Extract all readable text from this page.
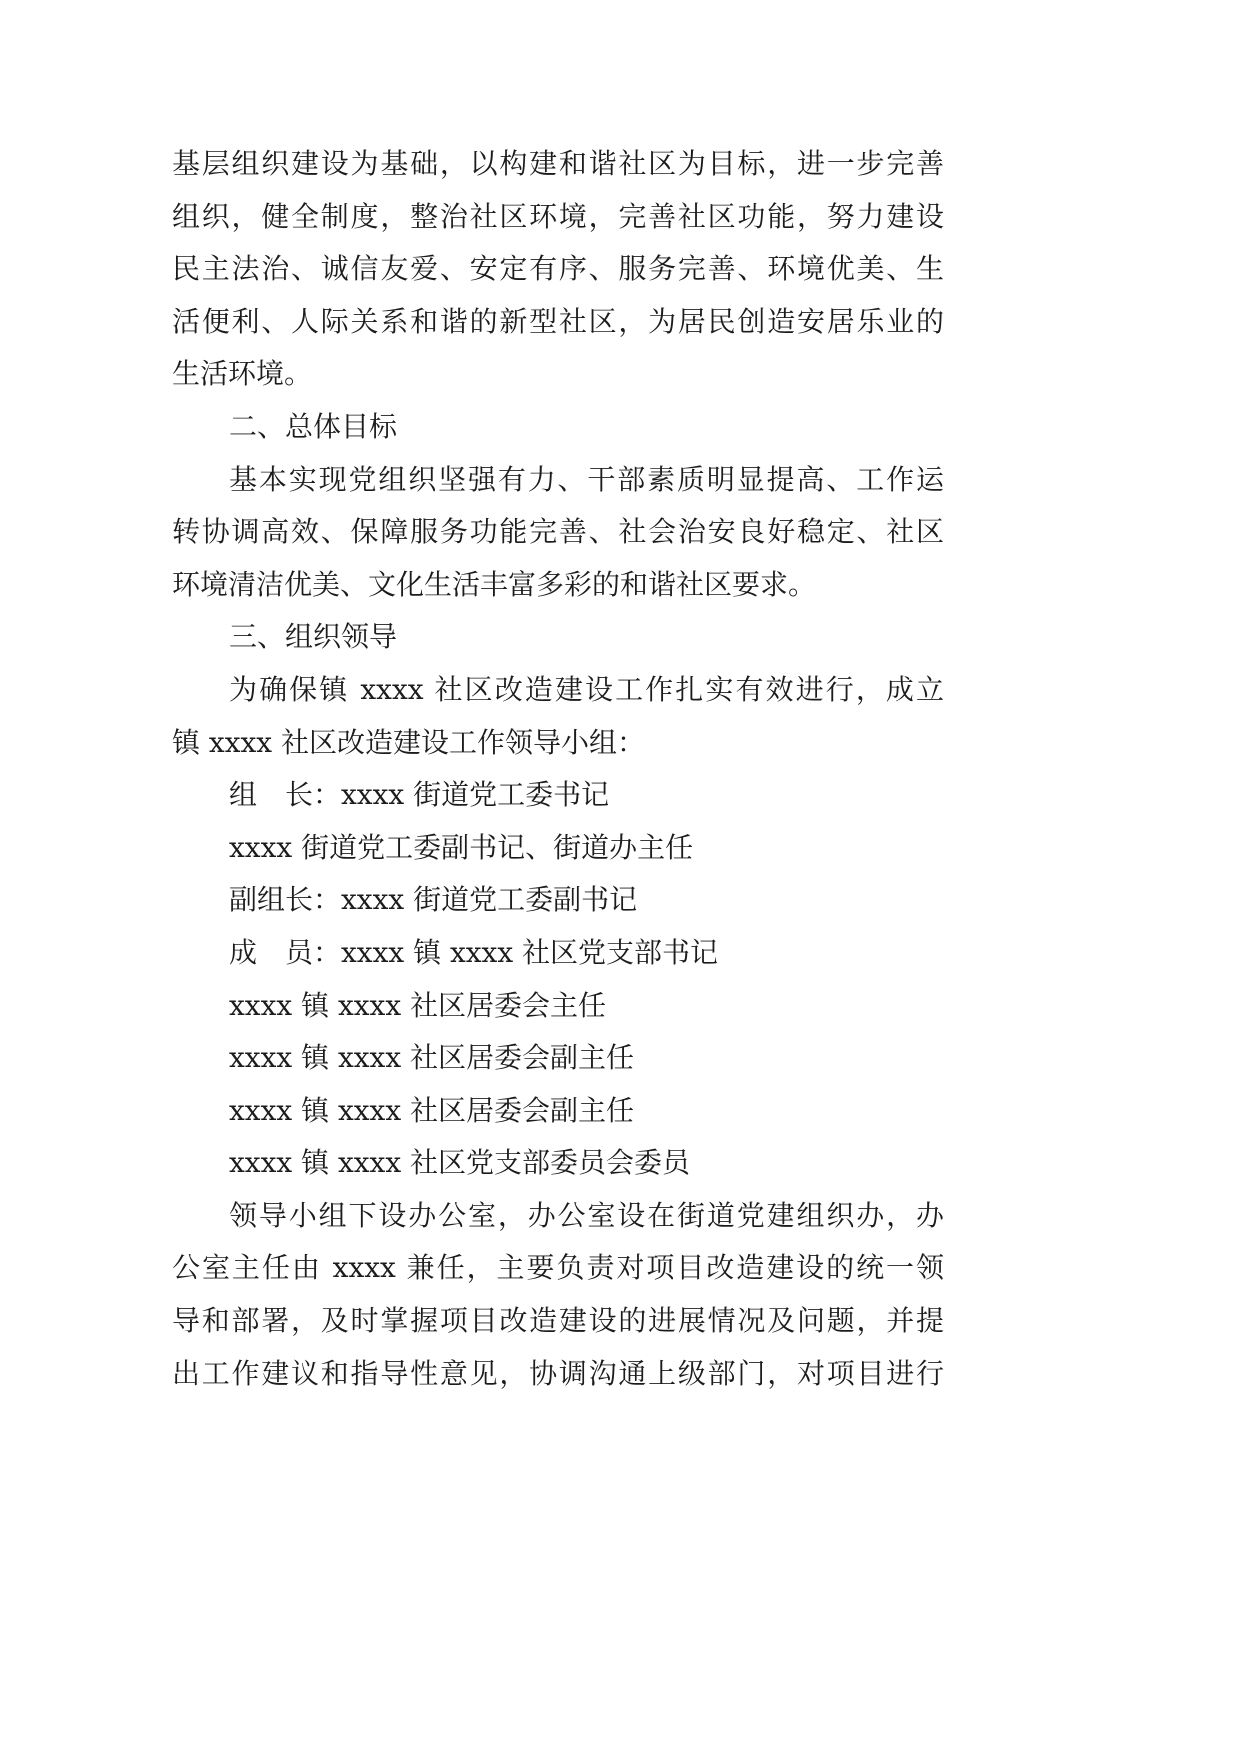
基层组织建设为基础，以构建和谐社区为目标，进一步完善

组织，健全制度，整治社区环境，完善社区功能，努力建设

民主法治、诚信友爱、安定有序、服务完善、环境优美、生

活便利、人际关系和谐的新型社区，为居民创造安居乐业的

生活环境。

二、总体目标

基本实现党组织坚强有力、干部素质明显提高、工作运

转协调高效、保障服务功能完善、社会治安良好稳定、社区

环境清洁优美、文化生活丰富多彩的和谐社区要求。

三、组织领导

为确保镇 xxxx 社区改造建设工作扎实有效进行，成立

镇 xxxx 社区改造建设工作领导小组：

组　长：xxxx 街道党工委书记

xxxx 街道党工委副书记、街道办主任

副组长：xxxx 街道党工委副书记

成　员：xxxx 镇 xxxx 社区党支部书记

xxxx 镇 xxxx 社区居委会主任

xxxx 镇 xxxx 社区居委会副主任

xxxx 镇 xxxx 社区居委会副主任

xxxx 镇 xxxx 社区党支部委员会委员

领导小组下设办公室，办公室设在街道党建组织办，办

公室主任由 xxxx 兼任，主要负责对项目改造建设的统一领

导和部署，及时掌握项目改造建设的进展情况及问题，并提

出工作建议和指导性意见，协调沟通上级部门，对项目进行
